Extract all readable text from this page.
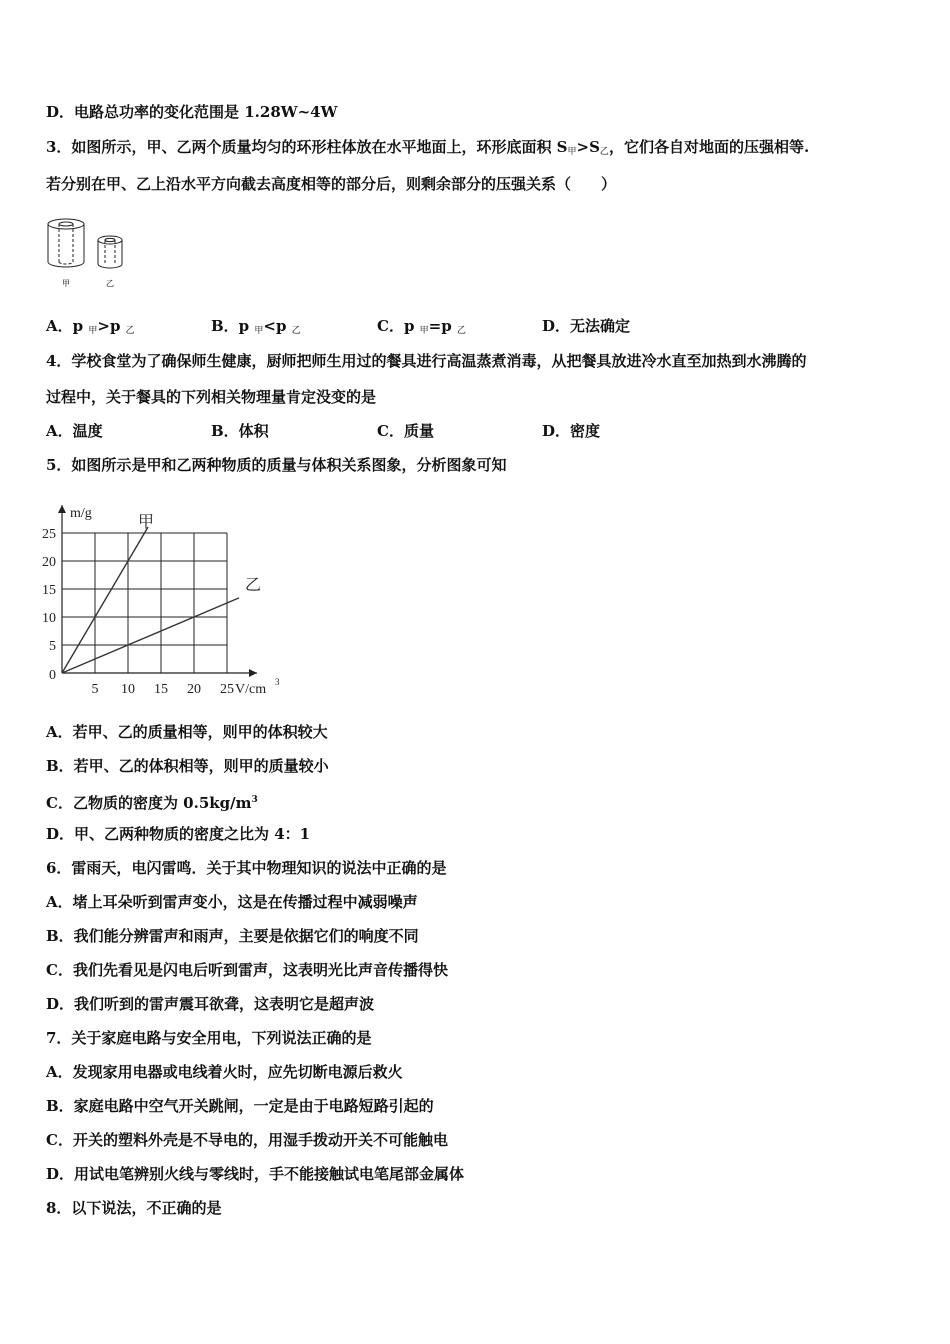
D．电路总功率的变化范围是 1.28W~4W
3．如图所示，甲、乙两个质量均匀的环形柱体放在水平地面上，环形底面积 $S_甲>S_乙$，它们各自对地面的压强相等.
若分别在甲、乙上沿水平方向截去高度相等的部分后，则剩余部分的压强关系（　　）
甲	乙
A．p $_甲$>p $_乙$	B．p $_甲$<p $_乙$	C．p $_甲$=p $_乙$	D．无法确定
4．学校食堂为了确保师生健康，厨师把师生用过的餐具进行高温蒸煮消毒，从把餐具放进冷水直至加热到水沸腾的
过程中，关于餐具的下列相关物理量肯定没变的是
A．温度	B．体积	C．质量	D．密度
5．如图所示是甲和乙两种物质的质量与体积关系图象，分析图象可知
5 10 15 20 25
5
10
15
20
25
0
m/g
V/cm 3
甲
乙
A．若甲、乙的质量相等，则甲的体积较大
B．若甲、乙的体积相等，则甲的质量较小
C．乙物质的密度为 $0.5kg/m^3$
D．甲、乙两种物质的密度之比为 4：1
6．雷雨天，电闪雷鸣．关于其中物理知识的说法中正确的是
A．堵上耳朵听到雷声变小，这是在传播过程中减弱噪声
B．我们能分辨雷声和雨声，主要是依据它们的响度不同
C．我们先看见是闪电后听到雷声，这表明光比声音传播得快
D．我们听到的雷声震耳欲聋，这表明它是超声波
7．关于家庭电路与安全用电，下列说法正确的是
A．发现家用电器或电线着火时，应先切断电源后救火
B．家庭电路中空气开关跳闸，一定是由于电路短路引起的
C．开关的塑料外壳是不导电的，用湿手拨动开关不可能触电
D．用试电笔辨别火线与零线时，手不能接触试电笔尾部金属体
8．以下说法，不正确的是
